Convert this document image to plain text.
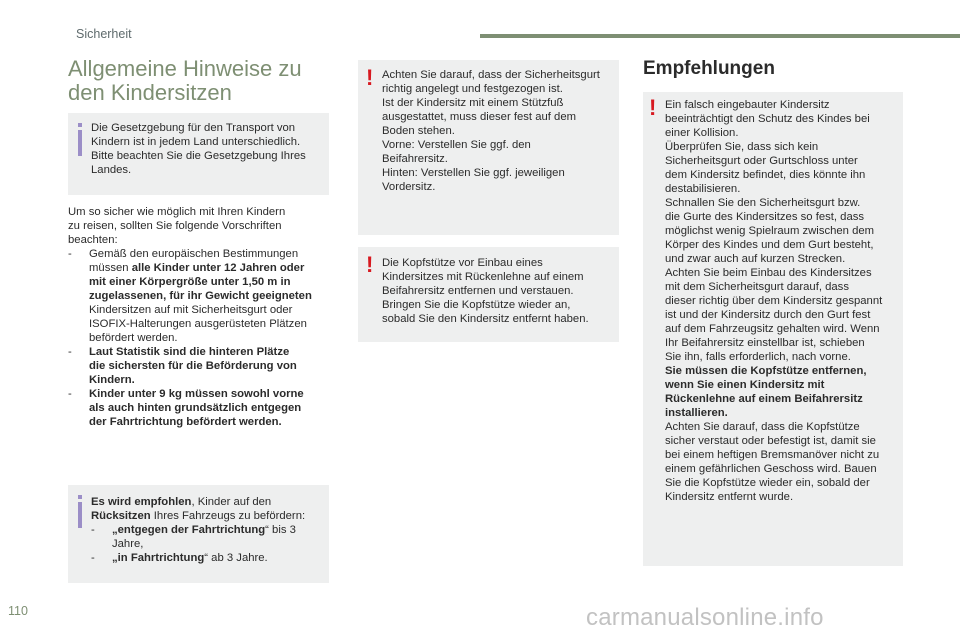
Sicherheit
Allgemeine Hinweise zu
den Kindersitzen

Die Gesetzgebung für den Transport von

Kindern ist in jedem Land unterschiedlich.

Bitte beachten Sie die Gesetzgebung Ihres

Landes.

Um so sicher wie möglich mit Ihren Kindern

zu reisen, sollten Sie folgende Vorschriften

beachten:

-	Gemäß den europäischen Bestimmungen

müssen alle Kinder unter 12 Jahren oder

mit einer Körpergröße unter 1,50 m in

zugelassenen, für ihr Gewicht geeigneten

Kindersitzen auf mit Sicherheitsgurt oder

ISOFIX-Halterungen ausgerüsteten Plätzen

befördert werden.

- Laut Statistik sind die hinteren Plätze

die sichersten für die Beförderung von

Kindern.

- Kinder unter 9 kg müssen sowohl vorne

als auch hinten grundsätzlich entgegen

der Fahrtrichtung befördert werden.

Es wird empfohlen, Kinder auf den

Rücksitzen Ihres Fahrzeugs zu befördern:

- „entgegen der Fahrtrichtung“ bis 3

Jahre,

- „in Fahrtrichtung“ ab 3 Jahre.

! Achten Sie darauf, dass der Sicherheitsgurt

richtig angelegt und festgezogen ist.

Ist der Kindersitz mit einem Stützfuß

ausgestattet, muss dieser fest auf dem

Boden stehen.

Vorne: Verstellen Sie ggf. den

Beifahrersitz.

Hinten: Verstellen Sie ggf. jeweiligen

Vordersitz.

! Die Kopfstütze vor Einbau eines

Kindersitzes mit Rückenlehne auf einem

Beifahrersitz entfernen und verstauen.

Bringen Sie die Kopfstütze wieder an,

sobald Sie den Kindersitz entfernt haben.

Empfehlungen
! Ein falsch eingebauter Kindersitz

beeinträchtigt den Schutz des Kindes bei

einer Kollision.

Überprüfen Sie, dass sich kein

Sicherheitsgurt oder Gurtschloss unter

dem Kindersitz befindet, dies könnte ihn

destabilisieren.

Schnallen Sie den Sicherheitsgurt bzw.

die Gurte des Kindersitzes so fest, dass

möglichst wenig Spielraum zwischen dem

Körper des Kindes und dem Gurt besteht,

und zwar auch auf kurzen Strecken.

Achten Sie beim Einbau des Kindersitzes

mit dem Sicherheitsgurt darauf, dass

dieser richtig über dem Kindersitz gespannt

ist und der Kindersitz durch den Gurt fest

auf dem Fahrzeugsitz gehalten wird. Wenn

Ihr Beifahrersitz einstellbar ist, schieben

Sie ihn, falls erforderlich, nach vorne.

Sie müssen die Kopfstütze entfernen,

wenn Sie einen Kindersitz mit

Rückenlehne auf einem Beifahrersitz

installieren.

Achten Sie darauf, dass die Kopfstütze

sicher verstaut oder befestigt ist, damit sie

bei einem heftigen Bremsmanöver nicht zu

einem gefährlichen Geschoss wird. Bauen

Sie die Kopfstütze wieder ein, sobald der

Kindersitz entfernt wurde.

110	carmanualsonline.info
